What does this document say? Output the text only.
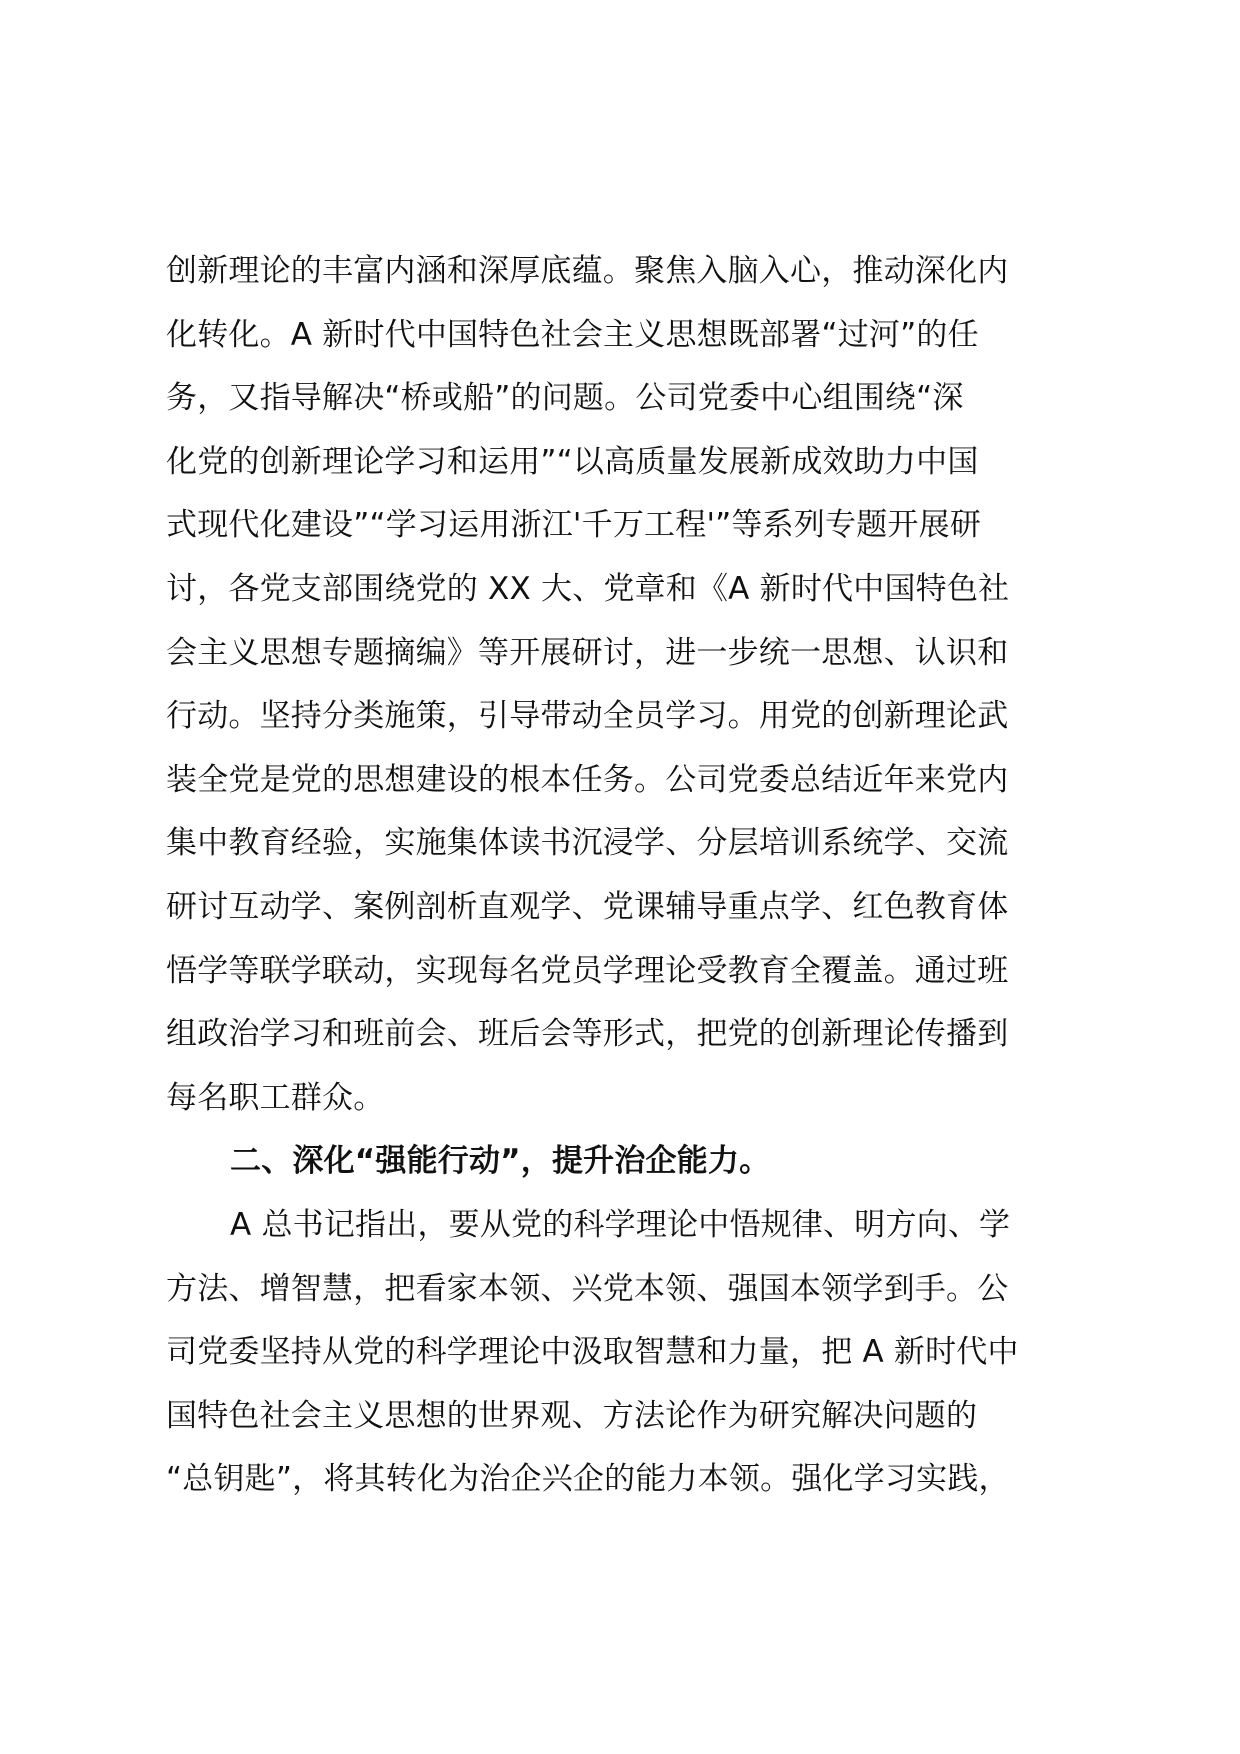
创新理论的丰富内涵和深厚底蕴。聚焦入脑入心，推动深化内
化转化。A 新时代中国特色社会主义思想既部署“过河”的任
务，又指导解决“桥或船”的问题。公司党委中心组围绕“深
化党的创新理论学习和运用”“以高质量发展新成效助力中国
式现代化建设”“学习运用浙江'千万工程'”等系列专题开展研
讨，各党支部围绕党的 XX 大、党章和《A 新时代中国特色社
会主义思想专题摘编》等开展研讨，进一步统一思想、认识和
行动。坚持分类施策，引导带动全员学习。用党的创新理论武
装全党是党的思想建设的根本任务。公司党委总结近年来党内
集中教育经验，实施集体读书沉浸学、分层培训系统学、交流
研讨互动学、案例剖析直观学、党课辅导重点学、红色教育体
悟学等联学联动，实现每名党员学理论受教育全覆盖。通过班
组政治学习和班前会、班后会等形式，把党的创新理论传播到
每名职工群众。
二、深化“强能行动”，提升治企能力。
A 总书记指出，要从党的科学理论中悟规律、明方向、学
方法、增智慧，把看家本领、兴党本领、强国本领学到手。公
司党委坚持从党的科学理论中汲取智慧和力量，把 A 新时代中
国特色社会主义思想的世界观、方法论作为研究解决问题的
“总钥匙”，将其转化为治企兴企的能力本领。强化学习实践，
